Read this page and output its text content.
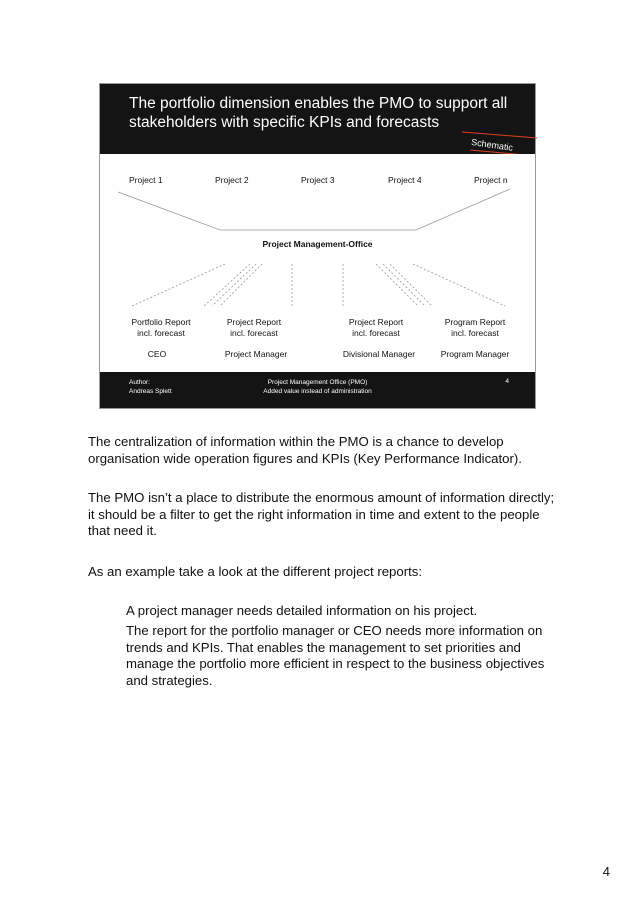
The portfolio dimension enables the PMO to support all stakeholders with specific KPIs and forecasts
Schematic
Project 1	Project 2	Project 3	Project 4	Project n
Project Management-Office
Portfolio Report
incl. forecast
Project Report
incl. forecast
Project Report
incl. forecast
Program Report
incl. forecast
CEO	Project Manager	Divisional Manager	Program Manager
Author:
Andreas Splett
Project Management Office (PMO)
Added value instead of administration
4

The centralization of information within the PMO is a chance to develop organisation wide operation figures and KPIs (Key Performance Indicator).

The PMO isn’t a place to distribute the enormous amount of information directly; it should be a filter to get the right information in time and extent to the people that need it.

As an example take a look at the different project reports:

A project manager needs detailed information on his project.

The report for the portfolio manager or CEO needs more information on trends and KPIs. That enables the management to set priorities and manage the portfolio more efficient in respect to the business objectives and strategies.

4
